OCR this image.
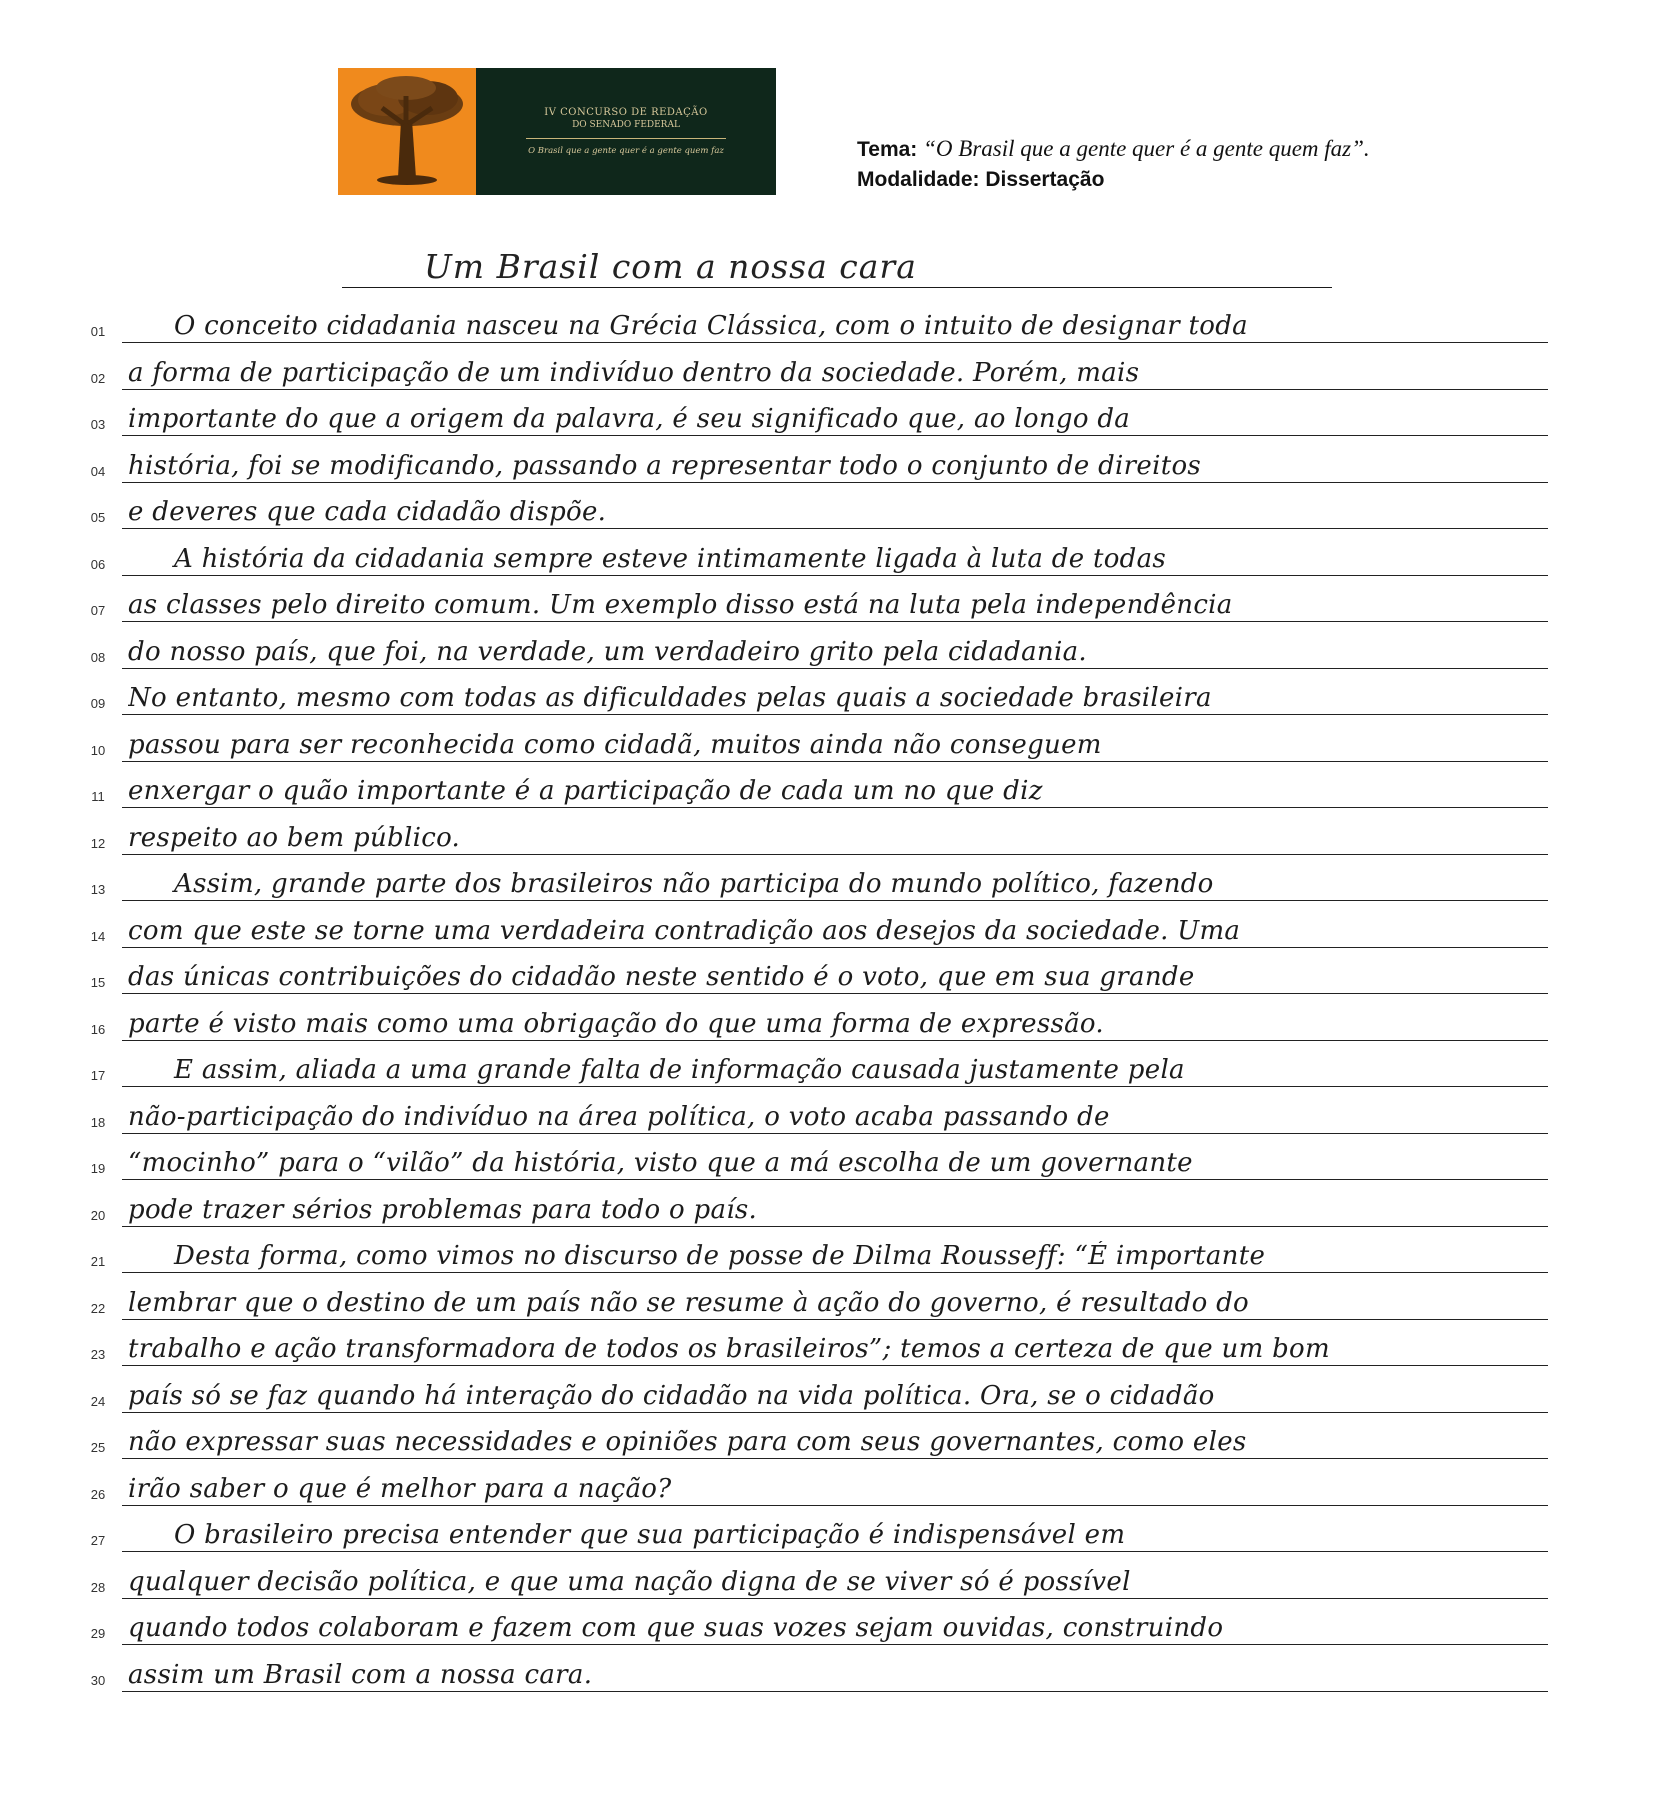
IV CONCURSO DE REDAÇÃO
DO SENADO FEDERAL
O Brasil que a gente quer é a gente quem faz	Tema: “O Brasil que a gente quer é a gente quem faz”.
Modalidade: Dissertação
Um Brasil com a nossa cara
01	O conceito cidadania nasceu na Grécia Clássica, com o intuito de designar toda
02 a forma de participação de um indivíduo dentro da sociedade. Porém, mais
03 importante do que a origem da palavra, é seu significado que, ao longo da
04 história, foi se modificando, passando a representar todo o conjunto de direitos
05 e deveres que cada cidadão dispõe.
06	A história da cidadania sempre esteve intimamente ligada à luta de todas
07 as classes pelo direito comum. Um exemplo disso está na luta pela independência
08 do nosso país, que foi, na verdade, um verdadeiro grito pela cidadania.
09 No entanto, mesmo com todas as dificuldades pelas quais a sociedade brasileira
10 passou para ser reconhecida como cidadã, muitos ainda não conseguem
11 enxergar o quão importante é a participação de cada um no que diz
12 respeito ao bem público.
13	Assim, grande parte dos brasileiros não participa do mundo político, fazendo
14 com que este se torne uma verdadeira contradição aos desejos da sociedade. Uma
15 das únicas contribuições do cidadão neste sentido é o voto, que em sua grande
16 parte é visto mais como uma obrigação do que uma forma de expressão.
17	E assim, aliada a uma grande falta de informação causada justamente pela
18 não-participação do indivíduo na área política, o voto acaba passando de
19 “mocinho” para o “vilão” da história, visto que a má escolha de um governante
20 pode trazer sérios problemas para todo o país.
21	Desta forma, como vimos no discurso de posse de Dilma Rousseff: “É importante
22 lembrar que o destino de um país não se resume à ação do governo, é resultado do
23 trabalho e ação transformadora de todos os brasileiros”; temos a certeza de que um bom
24 país só se faz quando há interação do cidadão na vida política. Ora, se o cidadão
25 não expressar suas necessidades e opiniões para com seus governantes, como eles
26 irão saber o que é melhor para a nação?
27	O brasileiro precisa entender que sua participação é indispensável em
28 qualquer decisão política, e que uma nação digna de se viver só é possível
29 quando todos colaboram e fazem com que suas vozes sejam ouvidas, construindo
30 assim um Brasil com a nossa cara.
